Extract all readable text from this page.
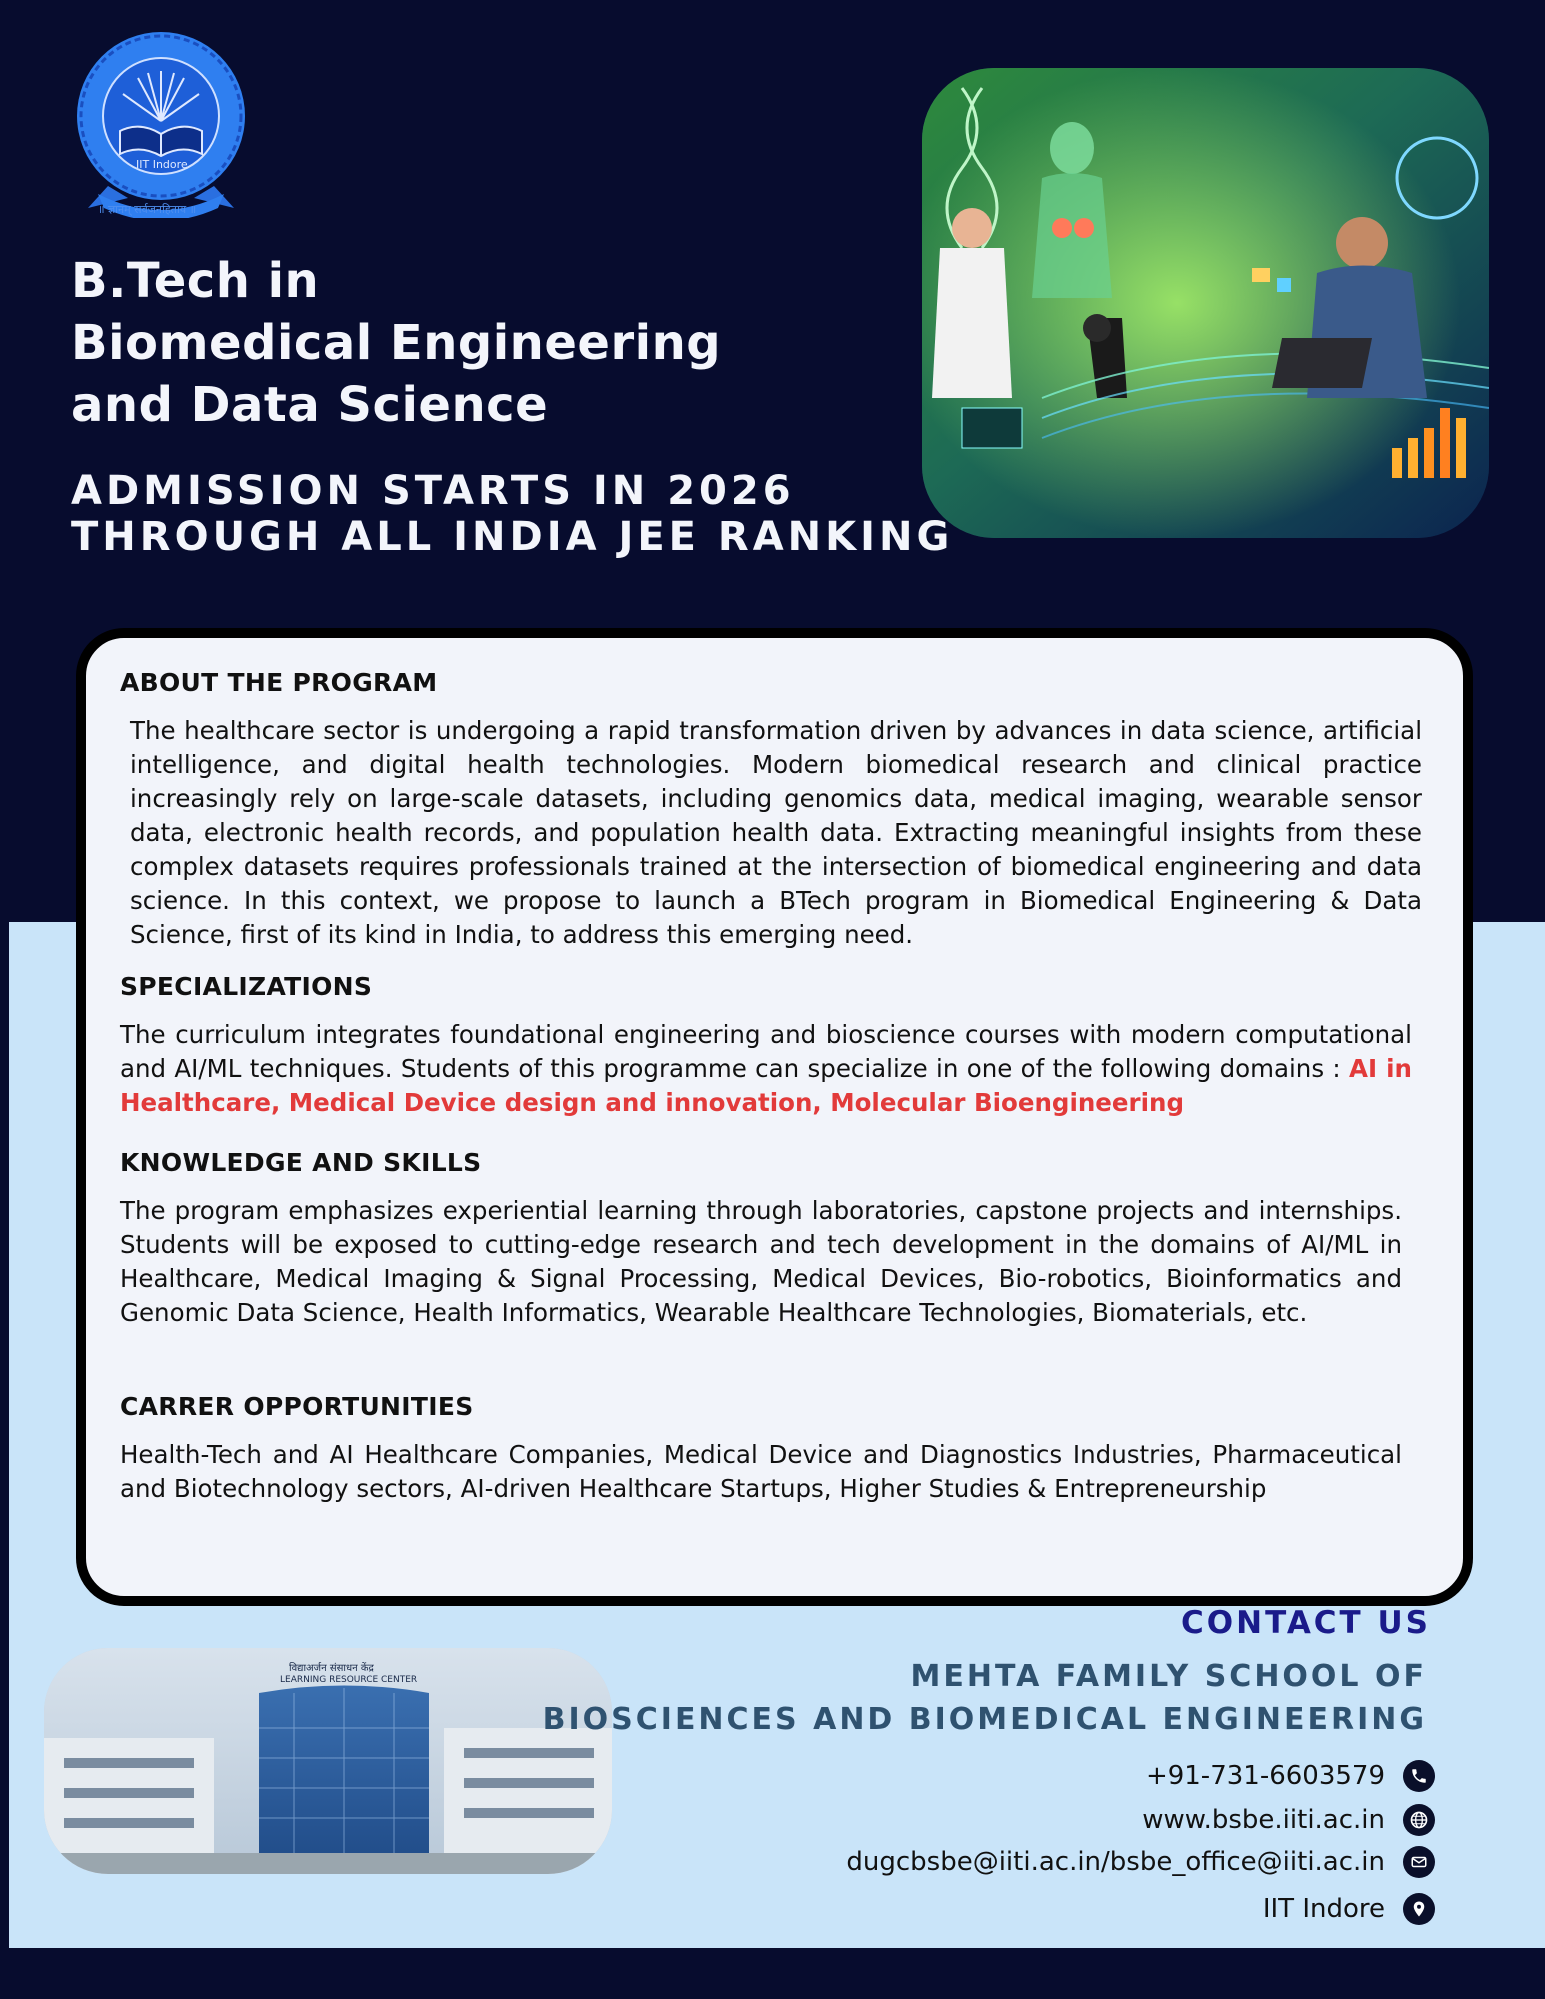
IIT Indore
॥ ज्ञानम् सर्वजनहिताय ॥
B.Tech in
Biomedical Engineering
and Data Science
ADMISSION STARTS IN 2026
THROUGH ALL INDIA JEE RANKING
ABOUT THE PROGRAM

The healthcare sector is undergoing a rapid transformation driven by advances in data science, artificial intelligence, and digital health technologies. Modern biomedical research and clinical practice increasingly rely on large-scale datasets, including genomics data, medical imaging, wearable sensor data, electronic health records, and population health data. Extracting meaningful insights from these complex datasets requires professionals trained at the intersection of biomedical engineering and data science. In this context, we propose to launch a BTech program in Biomedical Engineering & Data Science, first of its kind in India, to address this emerging need.

SPECIALIZATIONS

The curriculum integrates foundational engineering and bioscience courses with modern computational and AI/ML techniques. Students of this programme can specialize in one of the following domains : AI in Healthcare, Medical Device design and innovation, Molecular Bioengineering

KNOWLEDGE AND SKILLS

The program emphasizes experiential learning through laboratories, capstone projects and internships. Students will be exposed to cutting-edge research and tech development in the domains of AI/ML in Healthcare, Medical Imaging & Signal Processing, Medical Devices, Bio-robotics, Bioinformatics and Genomic Data Science, Health Informatics, Wearable Healthcare Technologies, Biomaterials, etc.

CARRER OPPORTUNITIES

Health-Tech and AI Healthcare Companies, Medical Device and Diagnostics Industries, Pharmaceutical and Biotechnology sectors, AI-driven Healthcare Startups, Higher Studies & Entrepreneurship

विद्याअर्जन संसाधन केंद्र
LEARNING RESOURCE CENTER
CONTACT US
MEHTA FAMILY SCHOOL OF
BIOSCIENCES AND BIOMEDICAL ENGINEERING
+91-731-6603579
www.bsbe.iiti.ac.in
dugcbsbe@iiti.ac.in/bsbe_office@iiti.ac.in
IIT Indore
